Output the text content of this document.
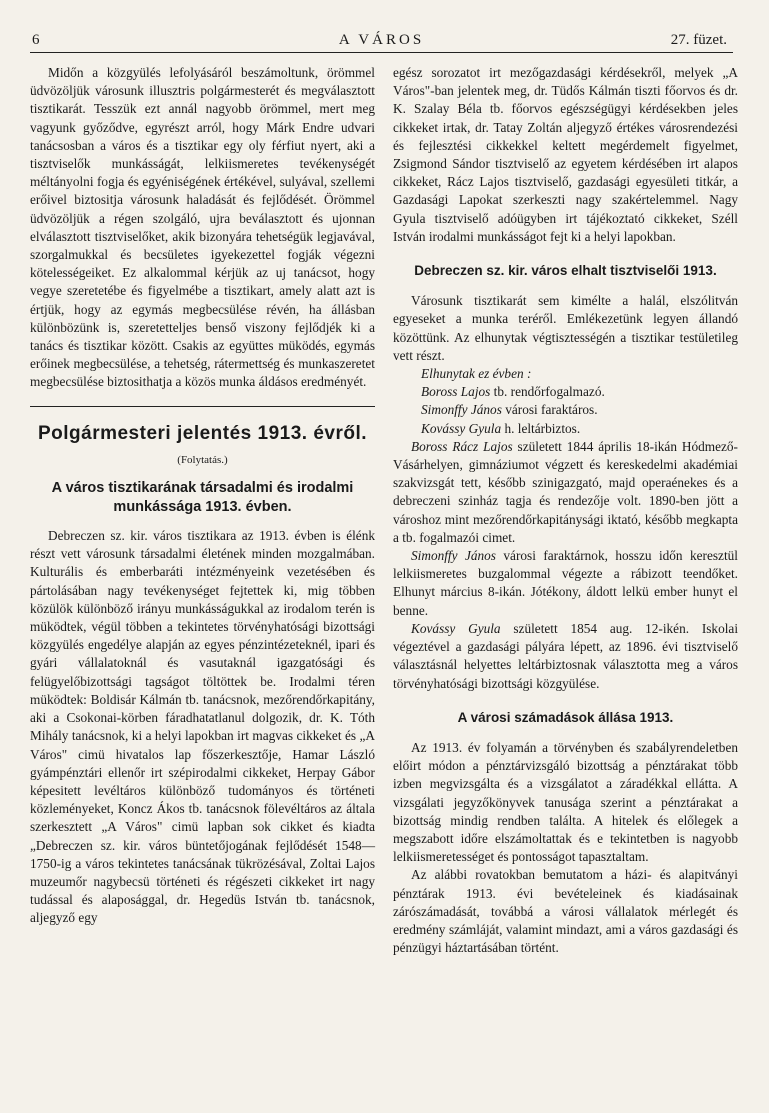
6	A VÁROS	27. füzet.

Midőn a közgyülés lefolyásáról beszámoltunk, örömmel üdvözöljük városunk illusztris polgármesterét és megválasztott tisztikarát. Tesszük ezt annál nagyobb örömmel, mert meg vagyunk győződve, egyrészt arról, hogy Márk Endre udvari tanácsosban a város és a tisztikar egy oly férfiut nyert, aki a tisztviselők munkásságát, lelkiismeretes tevékenységét méltányolni fogja és egyéniségének értékével, sulyával, szellemi erőivel biztositja városunk haladását és fejlődését. Örömmel üdvözöljük a régen szolgáló, ujra beválasztott és ujonnan elválasztott tisztviselőket, akik bizonyára tehetségük legjavával, szorgalmukkal és becsületes igyekezettel fogják végezni kötelességeiket. Ez alkalommal kérjük az uj tanácsot, hogy vegye szeretetébe és figyelmébe a tisztikart, amely alatt azt is értjük, hogy az egymás megbecsülése révén, ha állásban különbözünk is, szeretetteljes benső viszony fejlődjék ki a tanács és tisztikar között. Csakis az együttes müködés, egymás erőinek megbecsülése, a tehetség, rátermettség és munkaszeretet megbecsülése biztosithatja a közös munka áldásos eredményét.

Polgármesteri jelentés 1913. évről.
(Folytatás.)
A város tisztikarának társadalmi és irodalmi munkássága 1913. évben.

Debreczen sz. kir. város tisztikara az 1913. évben is élénk részt vett városunk társadalmi életének minden mozgalmában. Kulturális és emberbaráti intézményeink vezetésében és pártolásában nagy tevékenységet fejtettek ki, mig többen közülök különböző irányu munkásságukkal az irodalom terén is müködtek, végül többen a tekintetes törvényhatósági bizottsági közgyülés engedélye alapján az egyes pénzintézeteknél, ipari és gyári vállalatoknál és vasutaknál igazgatósági és felügyelőbizottsági tagságot töltöttek be. Irodalmi téren müködtek: Boldisár Kálmán tb. tanácsnok, mezőrendőrkapitány, aki a Csokonai-körben fáradhatatlanul dolgozik, dr. K. Tóth Mihály tanácsnok, ki a helyi lapokban irt magvas cikkeket és „A Város" cimü hivatalos lap főszerkesztője, Hamar László gyámpénztári ellenőr irt szépirodalmi cikkeket, Herpay Gábor képesitett levéltáros különböző tudományos és történeti közleményeket, Koncz Ákos tb. tanácsnok fölevéltáros az általa szerkesztett „A Város" cimü lapban sok cikket és kiadta „Debreczen sz. kir. város büntetőjogának fejlődését 1548—1750-ig a város tekintetes tanácsának tükrözésával, Zoltai Lajos muzeumőr nagybecsü történeti és régészeti cikkeket irt nagy tudással és alaposággal, dr. Hegedüs István tb. tanácsnok, aljegyző egy

egész sorozatot irt mezőgazdasági kérdésekről, melyek „A Város"-ban jelentek meg, dr. Tüdős Kálmán tiszti főorvos és dr. K. Szalay Béla tb. főorvos egészségügyi kérdésekben jeles cikkeket irtak, dr. Tatay Zoltán aljegyző értékes városrendezési és fejlesztési cikkekkel keltett megérdemelt figyelmet, Zsigmond Sándor tisztviselő az egyetem kérdésében irt alapos cikkeket, Rácz Lajos tisztviselő, gazdasági egyesületi titkár, a Gazdasági Lapokat szerkeszti nagy szakértelemmel. Nagy Gyula tisztviselő adóügyben irt tájékoztató cikkeket, Széll István irodalmi munkásságot fejt ki a helyi lapokban.

Debreczen sz. kir. város elhalt tisztviselői 1913.

Városunk tisztikarát sem kimélte a halál, elszólitván egyeseket a munka teréről. Emlékezetünk legyen állandó közöttünk. Az elhunytak végtisztességén a tisztikar testületileg vett részt.

Elhunytak ez évben :
Boross Lajos tb. rendőrfogalmazó.
Simonffy János városi faraktáros.
Kovássy Gyula h. leltárbiztos.

Boross Rácz Lajos született 1844 április 18-ikán Hódmező-Vásárhelyen, gimnáziumot végzett és kereskedelmi akadémiai szakvizsgát tett, később szinigazgató, majd operaénekes és a debreczeni szinház tagja és rendezője volt. 1890-ben jött a városhoz mint mezőrendőrkapitánysági iktató, később megkapta a tb. fogalmazói cimet.

Simonffy János városi faraktárnok, hosszu időn keresztül lelkiismeretes buzgalommal végezte a rábizott teendőket. Elhunyt március 8-ikán. Jótékony, áldott lelkü ember hunyt el benne.

Kovássy Gyula született 1854 aug. 12-ikén. Iskolai végeztével a gazdasági pályára lépett, az 1896. évi tisztviselő választásnál helyettes leltárbiztosnak választotta meg a város törvényhatósági bizottsági közgyülése.

A városi számadások állása 1913.

Az 1913. év folyamán a törvényben és szabályrendeletben előirt módon a pénztárvizsgáló bizottság a pénztárakat több izben megvizsgálta és a vizsgálatot a záradékkal ellátta. A vizsgálati jegyzőkönyvek tanusága szerint a pénztárakat a bizottság mindig rendben találta. A hitelek és előlegek a megszabott időre elszámoltattak és e tekintetben is nagyobb lelkiismeretességet és pontosságot tapasztaltam.

Az alábbi rovatokban bemutatom a házi- és alapitványi pénztárak 1913. évi bevételeinek és kiadásainak zárószámadását, továbbá a városi vállalatok mérlegét és eredmény számláját, valamint mindazt, ami a város gazdasági és pénzügyi háztartásában történt.
